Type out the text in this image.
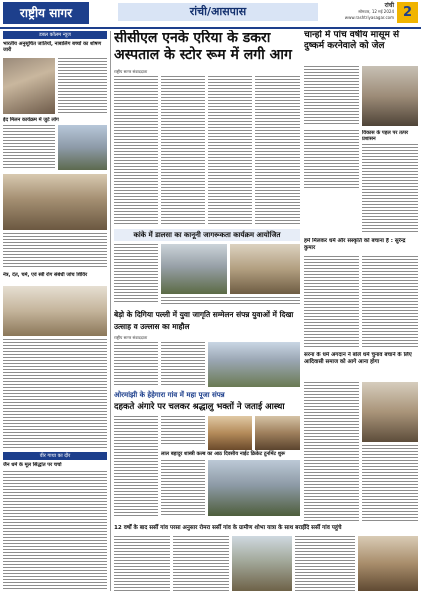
राष्ट्रीय सागर	रांची/आसपास	रांची
सोमवार, 12 मई 2024
www.rashtriyasagar.com 2
डबल कॉलम न्यूज
भारतीय अनुसूचित जातियों, नाबालिग बच्चों का शोषण जारी
ईद मिलन कार्यक्रम में जुटे लोग
नेत्र, दंत, चर्म, एवं स्त्री रोग संबंधी जांच शिविर
वीर गाथा का दौर
जैन धर्म के मूल सिद्धांत पर चर्चा
सीसीएल एनके एरिया के डकरा अस्पताल के स्टोर रूम में लगी आग
राष्ट्रीय सागर संवाददाता
चान्हो में पांच वर्षीय मासूम से दुष्कर्म करनेवाले को जेल
विकास के पहल पर तत्पर प्रशासन
कांके में डालसा का कानूनी जागरूकता कार्यक्रम आयोजित
बेड़ो के दिगिया पल्ली में युवा जागृति सम्मेलन संपन्न युवाओं में दिखा उत्साह व उल्लास का माहौल
राष्ट्रीय सागर संवाददाता
हमें मिलकर धर्म और संस्कृति को बचाना है : सुरेन्द्र कुमार
सरना के धर्म अंगदान ने बोले धर्म चुनाव बचाने के लिए आदिवासी समाज को आगे आना होगा
ओरमांझी के हेहेगारा गांव में महा पूजा संपन्न
दहकते अंगारे पर चलकर श्रद्धालु भक्तों ने जताई आस्था
लाल बहादुर शास्त्री कल्ब का आठ दिवसीय नाईट क्रिकेट टूर्नामेंट शुरू
12 वर्षों के बाद सर्सी गांव परसा अनुसार रोमरा सर्सी गांव के ग्रामीण शोभा यात्रा के साथ बराईंदि सर्सी गांव पहुंचे
